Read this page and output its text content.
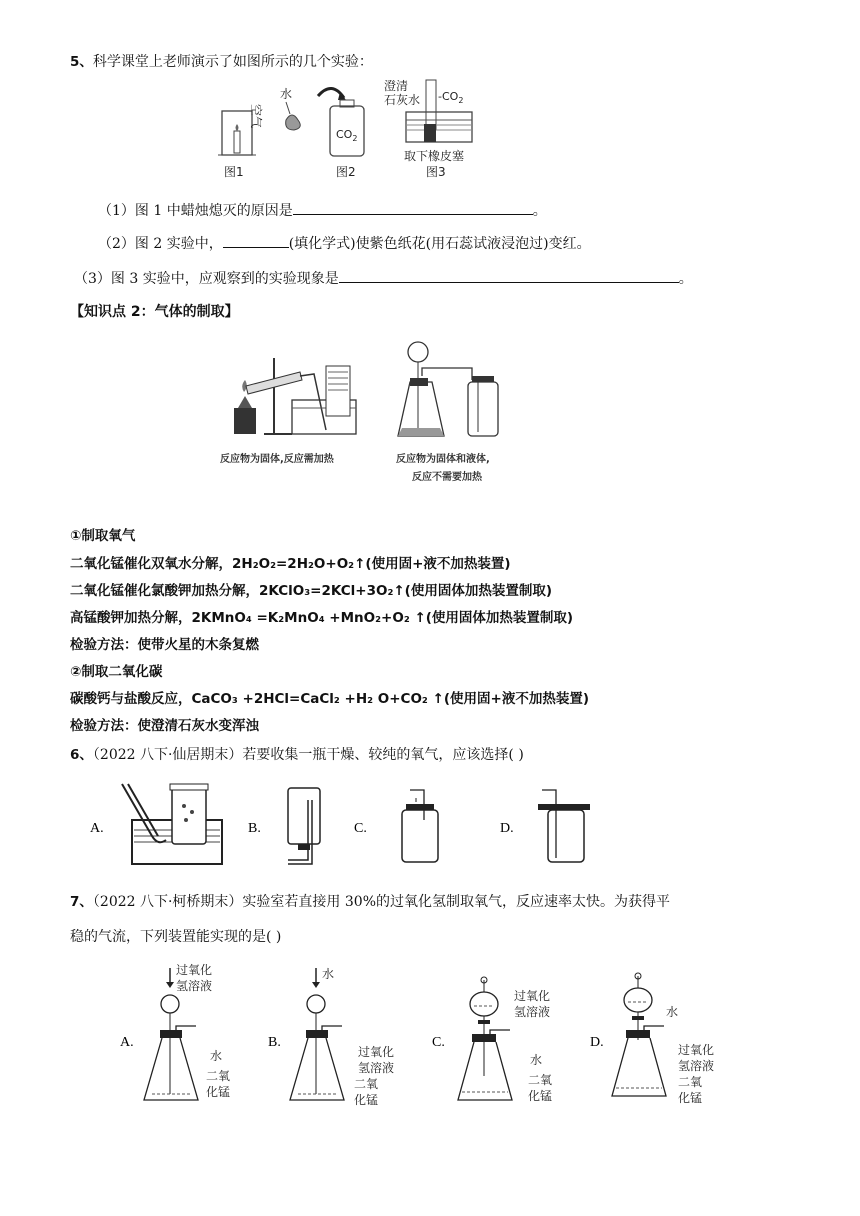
5、科学课堂上老师演示了如图所示的几个实验：
空气
图1
水
$CO_2$
图2
澄清
石灰水 $-CO_2$
取下橡皮塞
图3
（1）图 1 中蜡烛熄灭的原因是	。
（2）图 2 实验中，	(填化学式)使紫色纸花(用石蕊试液浸泡过)变红。
（3）图 3 实验中，应观察到的实验现象是	。
【知识点 2：气体的制取】
反应物为固体,反应需加热	反应物为固体和液体,
反应不需要加热
①制取氧气
二氧化锰催化双氧水分解，2H₂O₂=2H₂O+O₂↑(使用固+液不加热装置)
二氧化锰催化氯酸钾加热分解，2KClO₃=2KCl+3O₂↑(使用固体加热装置制取)
高锰酸钾加热分解，2KMnO₄ =K₂MnO₄ +MnO₂+O₂ ↑(使用固体加热装置制取)
检验方法：使带火星的木条复燃
②制取二氧化碳
碳酸钙与盐酸反应，CaCO₃ +2HCl=CaCl₂ +H₂ O+CO₂ ↑(使用固+液不加热装置)
检验方法：使澄清石灰水变浑浊
6、（2022 八下·仙居期末）若要收集一瓶干燥、较纯的氧气，应该选择( )
A.	B.	C.	D.
7、（2022 八下·柯桥期末）实验室若直接用 30%的过氧化氢制取氧气，反应速率太快。为获得平
稳的气流，下列装置能实现的是( )
A.
过氧化
氢溶液
水
二氧
化锰
B.
水
过氧化
氢溶液
二氧
化锰
C.
过氧化
氢溶液
水
二氧
化锰
D.
水
过氧化
氢溶液
二氧
化锰
